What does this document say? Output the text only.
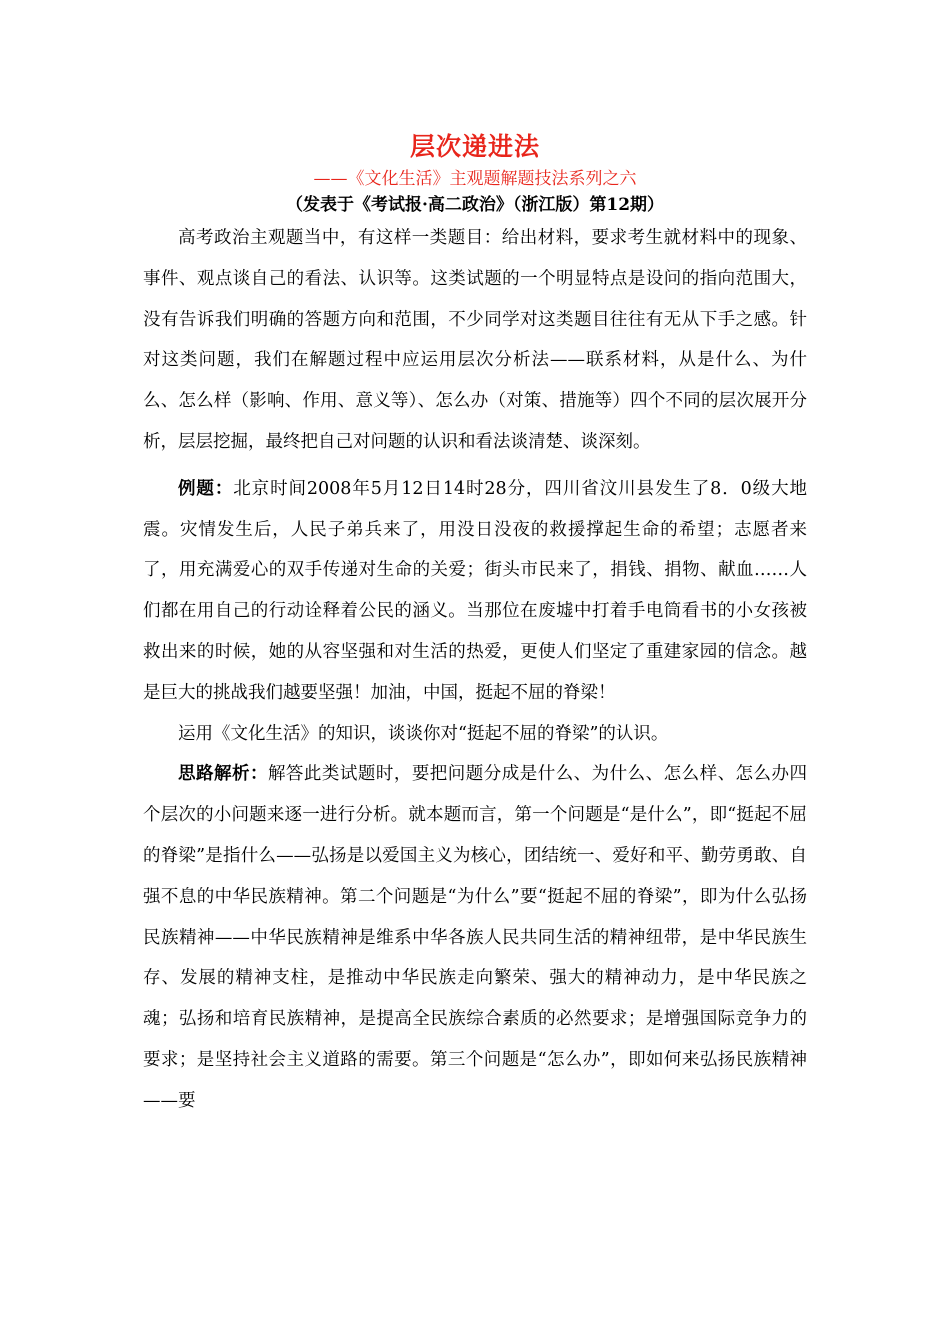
层次递进法

——《文化生活》主观题解题技法系列之六

（发表于《考试报·高二政治》（浙江版）第12期）

高考政治主观题当中，有这样一类题目：给出材料，要求考生就材料中的现象、事件、观点谈自己的看法、认识等。这类试题的一个明显特点是设问的指向范围大，没有告诉我们明确的答题方向和范围，不少同学对这类题目往往有无从下手之感。针对这类问题，我们在解题过程中应运用层次分析法——联系材料，从是什么、为什么、怎么样（影响、作用、意义等）、怎么办（对策、措施等）四个不同的层次展开分析，层层挖掘，最终把自己对问题的认识和看法谈清楚、谈深刻。

例题：北京时间2008年5月12日14时28分，四川省汶川县发生了8．0级大地震。灾情发生后，人民子弟兵来了，用没日没夜的救援撑起生命的希望；志愿者来了，用充满爱心的双手传递对生命的关爱；街头市民来了，捐钱、捐物、献血……人们都在用自己的行动诠释着公民的涵义。当那位在废墟中打着手电筒看书的小女孩被救出来的时候，她的从容坚强和对生活的热爱，更使人们坚定了重建家园的信念。越是巨大的挑战我们越要坚强！加油，中国，挺起不屈的脊梁！

运用《文化生活》的知识，谈谈你对“挺起不屈的脊梁”的认识。

思路解析：解答此类试题时，要把问题分成是什么、为什么、怎么样、怎么办四个层次的小问题来逐一进行分析。就本题而言，第一个问题是“是什么”，即“挺起不屈的脊梁”是指什么——弘扬是以爱国主义为核心，团结统一、爱好和平、勤劳勇敢、自强不息的中华民族精神。第二个问题是“为什么”要“挺起不屈的脊梁”，即为什么弘扬民族精神——中华民族精神是维系中华各族人民共同生活的精神纽带，是中华民族生存、发展的精神支柱，是推动中华民族走向繁荣、强大的精神动力，是中华民族之魂；弘扬和培育民族精神，是提高全民族综合素质的必然要求；是增强国际竞争力的要求；是坚持社会主义道路的需要。第三个问题是“怎么办”，即如何来弘扬民族精神——要
